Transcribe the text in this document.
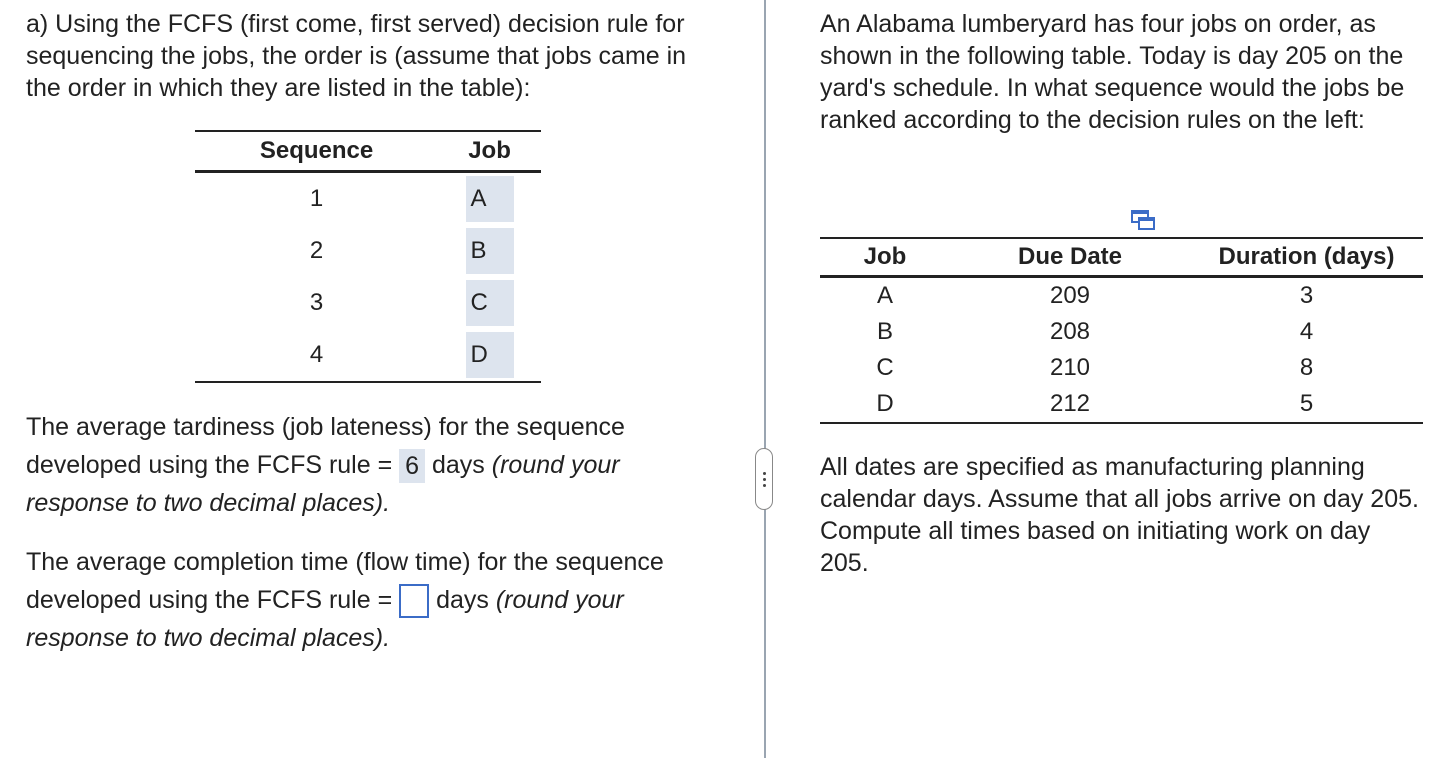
a) Using the FCFS (first come, first served) decision rule for sequencing the jobs, the order is (assume that jobs came in the order in which they are listed in the table):

Sequence	Job
1	A
2	B
3	C
4	D

The average tardiness (job lateness) for the sequence developed using the FCFS rule = 6 days (round your response to two decimal places).

The average completion time (flow time) for the sequence developed using the FCFS rule = days (round your response to two decimal places).

An Alabama lumberyard has four jobs on order, as shown in the following table. Today is day 205 on the yard's schedule. In what sequence would the jobs be ranked according to the decision rules on the left:

Job	Due Date	Duration (days)
A	209	3
B	208	4
C	210	8
D	212	5

All dates are specified as manufacturing planning calendar days. Assume that all jobs arrive on day 205. Compute all times based on initiating work on day 205.
